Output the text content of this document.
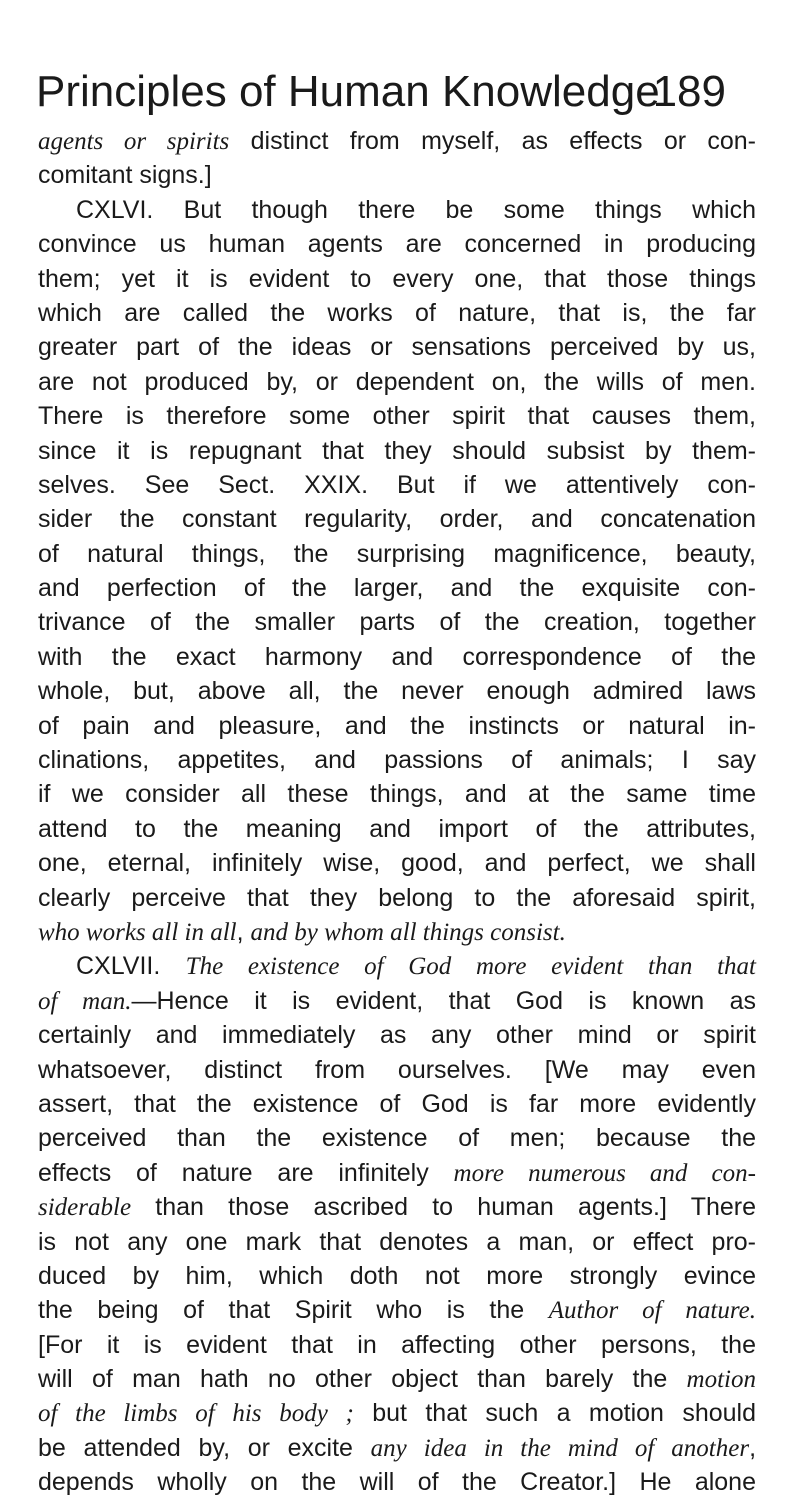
Principles of Human Knowledge
189
agents or spirits distinct from myself, as effects or con-
comitant signs.]
CXLVI. But though there be some things which
convince us human agents are concerned in producing
them; yet it is evident to every one, that those things
which are called the works of nature, that is, the far
greater part of the ideas or sensations perceived by us,
are not produced by, or dependent on, the wills of men.
There is therefore some other spirit that causes them,
since it is repugnant that they should subsist by them-
selves. See Sect. XXIX. But if we attentively con-
sider the constant regularity, order, and concatenation
of natural things, the surprising magnificence, beauty,
and perfection of the larger, and the exquisite con-
trivance of the smaller parts of the creation, together
with the exact harmony and correspondence of the
whole, but, above all, the never enough admired laws
of pain and pleasure, and the instincts or natural in-
clinations, appetites, and passions of animals; I say
if we consider all these things, and at the same time
attend to the meaning and import of the attributes,
one, eternal, infinitely wise, good, and perfect, we shall
clearly perceive that they belong to the aforesaid spirit,
who works all in all, and by whom all things consist.
CXLVII. The existence of God more evident than that
of man.—Hence it is evident, that God is known as
certainly and immediately as any other mind or spirit
whatsoever, distinct from ourselves. [We may even
assert, that the existence of God is far more evidently
perceived than the existence of men; because the
effects of nature are infinitely more numerous and con-
siderable than those ascribed to human agents.] There
is not any one mark that denotes a man, or effect pro-
duced by him, which doth not more strongly evince
the being of that Spirit who is the Author of nature.
[For it is evident that in affecting other persons, the
will of man hath no other object than barely the motion
of the limbs of his body ; but that such a motion should
be attended by, or excite any idea in the mind of another,
depends wholly on the will of the Creator.] He alone
